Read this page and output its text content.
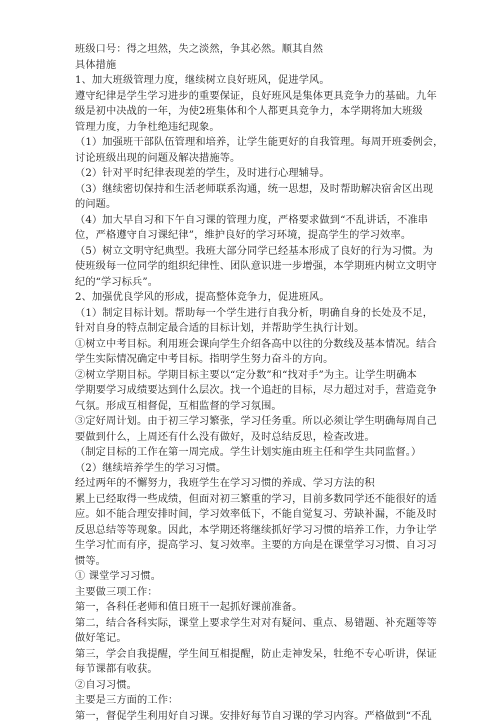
班级口号：得之坦然，失之淡然，争其必然。顺其自然
具体措施
1、加大班级管理力度，继续树立良好班风，促进学风。
遵守纪律是学生学习进步的重要保证，良好班风是集体更具竞争力的基础。九年
级是初中决战的一年，为使2班集体和个人都更具竞争力，本学期将加大班级
管理力度，力争杜绝违纪现象。
（1）加强班干部队伍管理和培养，让学生能更好的自我管理。每周开班委例会，
讨论班级出现的问题及解决措施等。
（2）针对平时纪律表现差的学生，及时进行心理辅导。
（3）继续密切保持和生活老师联系沟通，统一思想，及时帮助解决宿舍区出现
的问题。
（4）加大早自习和下午自习课的管理力度，严格要求做到“不乱讲话，不准串
位，严格遵守自习课纪律”，维护良好的学习环境，提高学生的学习效率。
（5）树立文明守纪典型。我班大部分同学已经基本形成了良好的行为习惯。为
使班级每一位同学的组织纪律性、团队意识进一步增强，本学期班内树立文明守
纪的“学习标兵”。
2、加强优良学风的形成，提高整体竞争力，促进班风。
（1）制定目标计划。帮助每一个学生进行自我分析，明确自身的长处及不足，
针对自身的特点制定最合适的目标计划，并帮助学生执行计划。
①树立中考目标。利用班会课向学生介绍各高中以往的分数线及基本情况。结合
学生实际情况确定中考目标。指明学生努力奋斗的方向。
②树立学期目标。学期目标主要以“定分数”和“找对手”为主。让学生明确本
学期要学习成绩要达到什么层次。找一个追赶的目标，尽力超过对手，营造竞争
气氛。形成互相督促，互相监督的学习氛围。
③定好周计划。由于初三学习繁张，学习任务重。所以必须让学生明确每周自己
要做到什么，上周还有什么没有做好，及时总结反思，检查改进。
（制定目标的工作在第一周完成。学生计划实施由班主任和学生共同监督。）
（2）继续培养学生的学习习惯。
经过两年的不懈努力，我班学生在学习习惯的养成、学习方法的积
累上已经取得一些成绩，但面对初三繁重的学习，目前多数同学还不能很好的适
应。如不能合理安排时间，学习效率低下，不能自觉复习、劳缺补漏，不能及时
反思总结等等现象。因此，本学期还将继续抓好学习习惯的培养工作，力争让学
生学习忙而有序，提高学习、复习效率。主要的方向是在课堂学习习惯、自习习
惯等。
① 课堂学习习惯。
主要做三项工作：
第一，各科任老师和值日班干一起抓好课前准备。
第二，结合各科实际，课堂上要求学生对对有疑问、重点、易错题、补充题等等
做好笔记。
第三，学会自我提醒，学生间互相提醒，防止走神发呆，牡绝不专心听讲，保证
每节课都有收获。
②自习习惯。
主要是三方面的工作：
第一，督促学生利用好自习课。安排好每节自习课的学习内容。严格做到“不乱
